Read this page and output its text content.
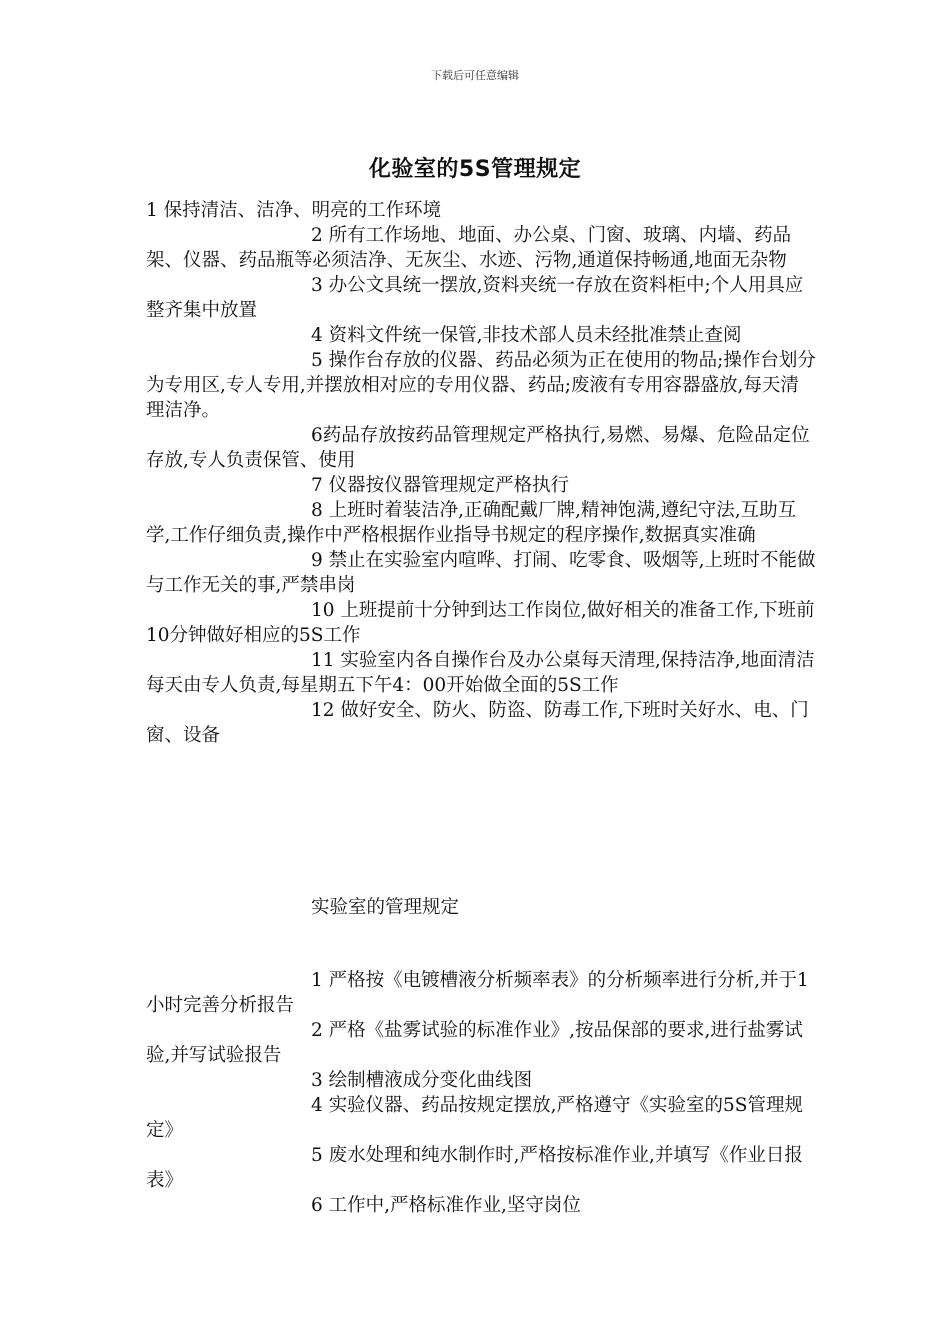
下载后可任意编辑
化验室的5S管理规定

1 保持清洁、洁净、明亮的工作环境

2 所有工作场地、地面、办公桌、门窗、玻璃、内墙、药品架、仪器、药品瓶等必须洁净、无灰尘、水迹、污物,通道保持畅通,地面无杂物

3 办公文具统一摆放,资料夹统一存放在资料柜中;个人用具应整齐集中放置

4 资料文件统一保管,非技术部人员未经批准禁止查阅

5 操作台存放的仪器、药品必须为正在使用的物品;操作台划分为专用区,专人专用,并摆放相对应的专用仪器、药品;废液有专用容器盛放,每天清理洁净。

6药品存放按药品管理规定严格执行,易燃、易爆、危险品定位存放,专人负责保管、使用

7 仪器按仪器管理规定严格执行

8 上班时着装洁净,正确配戴厂牌,精神饱满,遵纪守法,互助互学,工作仔细负责,操作中严格根据作业指导书规定的程序操作,数据真实准确

9 禁止在实验室内喧哗、打闹、吃零食、吸烟等,上班时不能做与工作无关的事,严禁串岗

10 上班提前十分钟到达工作岗位,做好相关的准备工作,下班前10分钟做好相应的5S工作

11 实验室内各自操作台及办公桌每天清理,保持洁净,地面清洁每天由专人负责,每星期五下午4：00开始做全面的5S工作

12 做好安全、防火、防盗、防毒工作,下班时关好水、电、门窗、设备

实验室的管理规定

1 严格按《电镀槽液分析频率表》的分析频率进行分析,并于1小时完善分析报告

2 严格《盐雾试验的标准作业》,按品保部的要求,进行盐雾试验,并写试验报告

3 绘制槽液成分变化曲线图

4 实验仪器、药品按规定摆放,严格遵守《实验室的5S管理规定》

5 废水处理和纯水制作时,严格按标准作业,并填写《作业日报表》

6 工作中,严格标准作业,坚守岗位
